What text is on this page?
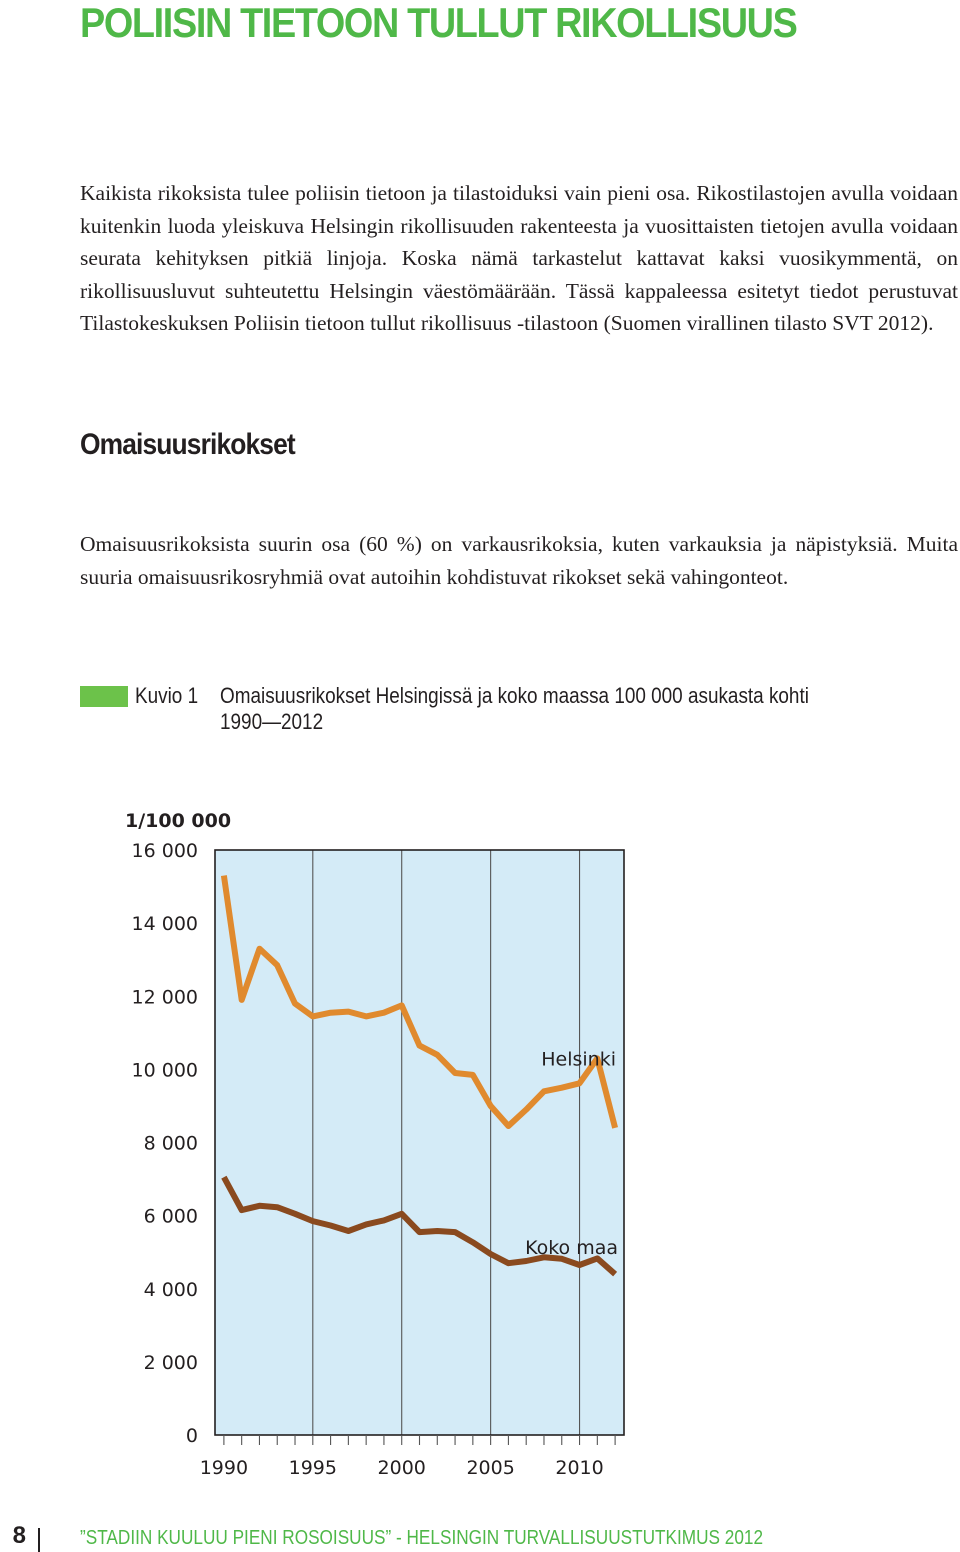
POLIISIN TIETOON TULLUT RIKOLLISUUS

Kaikista rikoksista tulee poliisin tietoon ja tilastoiduksi vain pieni osa. Rikostilastojen avulla voidaan kuitenkin luoda yleiskuva Helsingin rikollisuuden rakenteesta ja vuosittaisten tietojen avulla voidaan seurata kehityksen pitkiä linjoja. Koska nämä tarkastelut kattavat kaksi vuosikymmentä, on rikollisuusluvut suhteutettu Helsingin väestömäärään. Tässä kappaleessa esitetyt tiedot perustuvat Tilastokeskuksen Poliisin tietoon tullut rikollisuus -tilastoon (Suomen virallinen tilasto SVT 2012).

Omaisuusrikokset

Omaisuusrikoksista suurin osa (60 %) on varkausrikoksia, kuten varkauksia ja näpistyksiä. Muita suuria omaisuusrikosryhmiä ovat autoihin kohdistuvat rikokset sekä vahingonteot.

Kuvio 1 Omaisuusrikokset Helsingissä ja koko maassa 100 000 asukasta kohti
1990—2012
0
2 000
4 000
6 000
8 000
10 000
12 000
14 000
16 000
1/100 000
1990 1995 2000 2005 2010
Helsinki
Koko maa
8	”STADIIN KUULUU PIENI ROSOISUUS” - HELSINGIN TURVALLISUUSTUTKIMUS 2012
